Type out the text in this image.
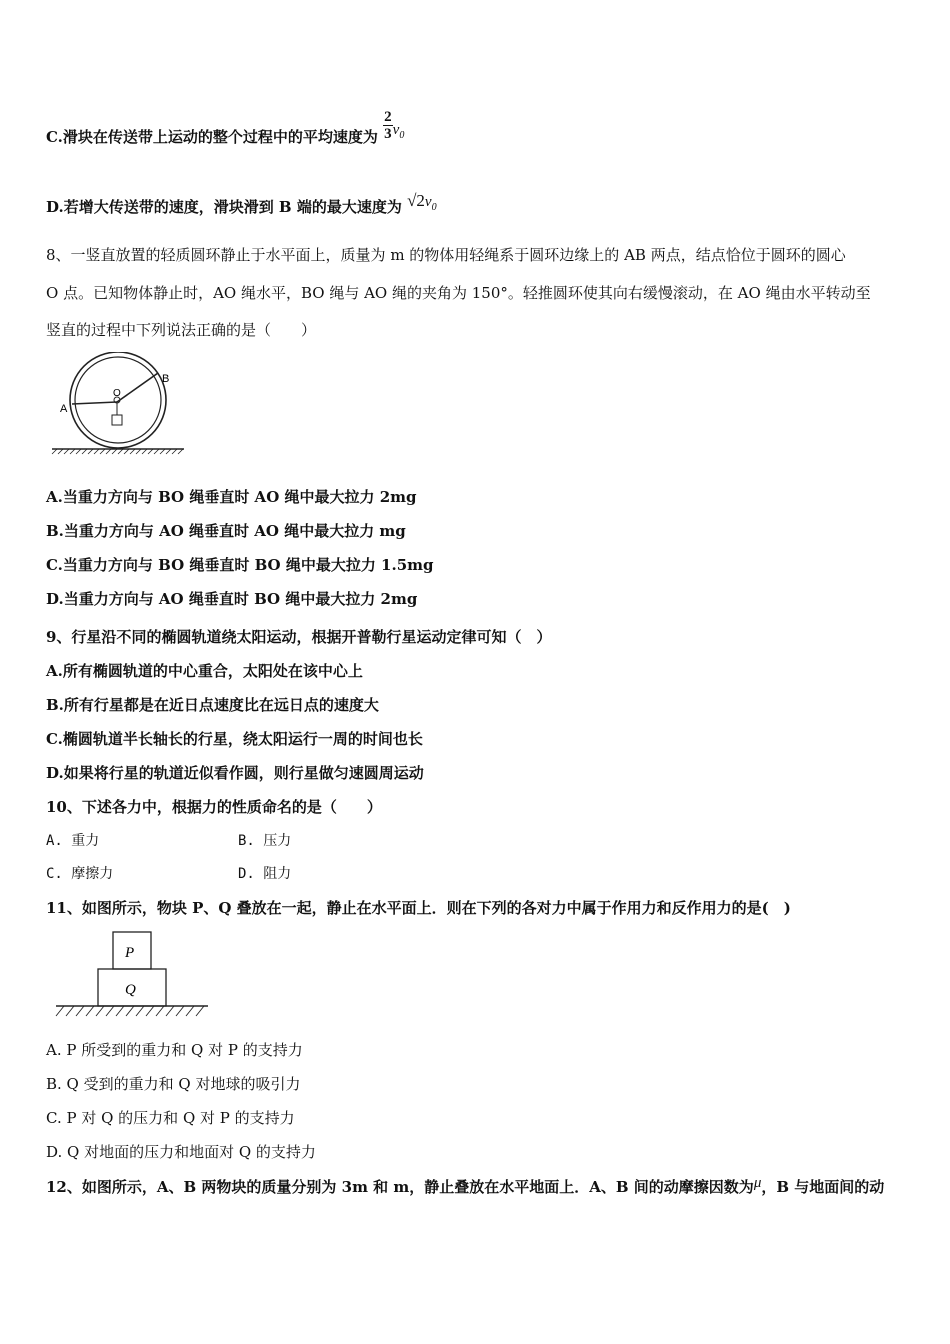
C.滑块在传送带上运动的整个过程中的平均速度为 $\frac{2}{3} v_0$
D.若增大传送带的速度，滑块滑到 B 端的最大速度为 $√2v_0$
8、一竖直放置的轻质圆环静止于水平面上，质量为 m 的物体用轻绳系于圆环边缘上的 AB 两点，结点恰位于圆环的圆心
O 点。已知物体静止时，AO 绳水平，BO 绳与 AO 绳的夹角为 150°。轻推圆环使其向右缓慢滚动，在 AO 绳由水平转动至
竖直的过程中下列说法正确的是（　　）
A
B
O
A.当重力方向与 BO 绳垂直时 AO 绳中最大拉力 2mg
B.当重力方向与 AO 绳垂直时 AO 绳中最大拉力 mg
C.当重力方向与 BO 绳垂直时 BO 绳中最大拉力 1.5mg
D.当重力方向与 AO 绳垂直时 BO 绳中最大拉力 2mg
9、行星沿不同的椭圆轨道绕太阳运动，根据开普勒行星运动定律可知（　）
A.所有椭圆轨道的中心重合，太阳处在该中心上
B.所有行星都是在近日点速度比在远日点的速度大
C.椭圆轨道半长轴长的行星，绕太阳运行一周的时间也长
D.如果将行星的轨道近似看作圆，则行星做匀速圆周运动
10、下述各力中，根据力的性质命名的是（　　）
A. 重力	B. 压力
C. 摩擦力	D. 阻力
11、如图所示，物块 P、Q 叠放在一起，静止在水平面上．则在下列的各对力中属于作用力和反作用力的是(　)
P
Q
A. P 所受到的重力和 Q 对 P 的支持力
B. Q 受到的重力和 Q 对地球的吸引力
C. P 对 Q 的压力和 Q 对 P 的支持力
D. Q 对地面的压力和地面对 Q 的支持力
12、如图所示，A、B 两物块的质量分别为 3m 和 m，静止叠放在水平地面上．A、B 间的动摩擦因数为μ，B 与地面间的动
